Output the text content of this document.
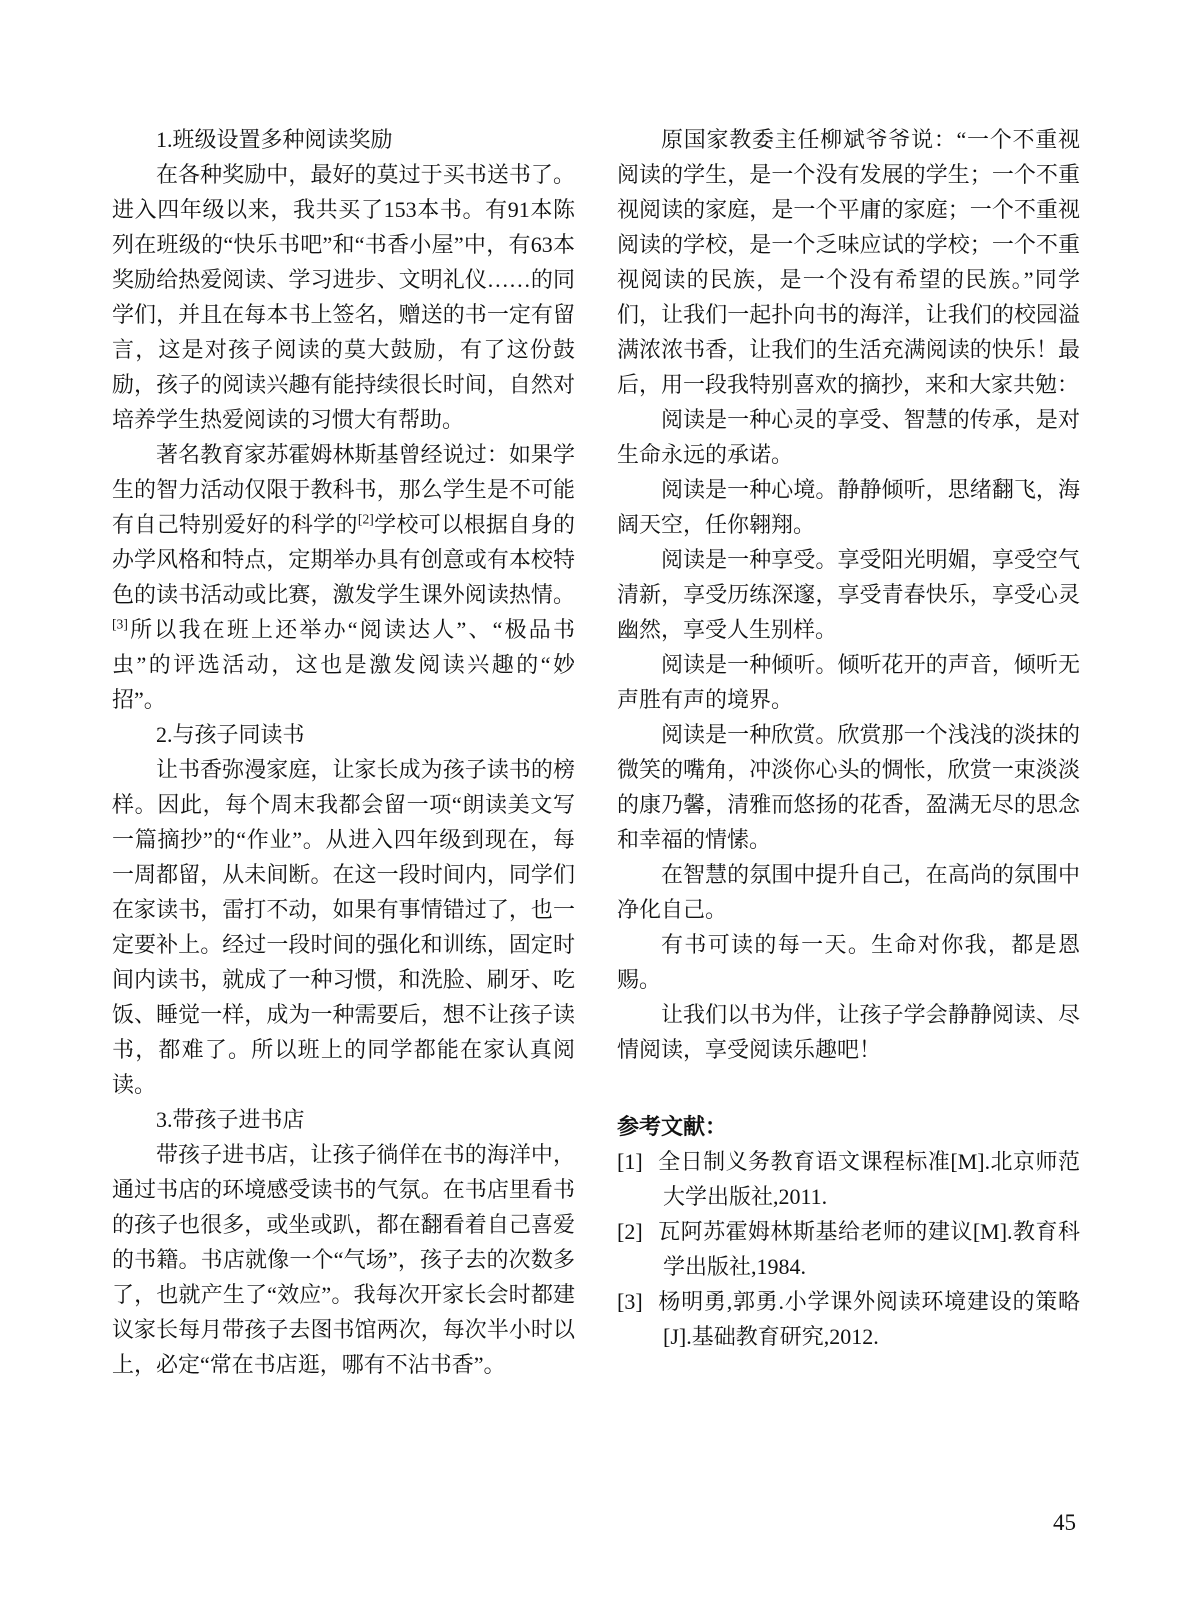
1.班级设置多种阅读奖励

在各种奖励中，最好的莫过于买书送书了。进入四年级以来，我共买了153本书。有91本陈列在班级的“快乐书吧”和“书香小屋”中，有63本奖励给热爱阅读、学习进步、文明礼仪……的同学们，并且在每本书上签名，赠送的书一定有留言，这是对孩子阅读的莫大鼓励，有了这份鼓励，孩子的阅读兴趣有能持续很长时间，自然对培养学生热爱阅读的习惯大有帮助。

著名教育家苏霍姆林斯基曾经说过：如果学生的智力活动仅限于教科书，那么学生是不可能有自己特别爱好的科学的[2]学校可以根据自身的办学风格和特点，定期举办具有创意或有本校特色的读书活动或比赛，激发学生课外阅读热情。[3]所以我在班上还举办“阅读达人”、“极品书虫”的评选活动，这也是激发阅读兴趣的“妙招”。

2.与孩子同读书

让书香弥漫家庭，让家长成为孩子读书的榜样。因此，每个周末我都会留一项“朗读美文写一篇摘抄”的“作业”。从进入四年级到现在，每一周都留，从未间断。在这一段时间内，同学们在家读书，雷打不动，如果有事情错过了，也一定要补上。经过一段时间的强化和训练，固定时间内读书，就成了一种习惯，和洗脸、刷牙、吃饭、睡觉一样，成为一种需要后，想不让孩子读书，都难了。所以班上的同学都能在家认真阅读。

3.带孩子进书店

带孩子进书店，让孩子徜佯在书的海洋中，通过书店的环境感受读书的气氛。在书店里看书的孩子也很多，或坐或趴，都在翻看着自己喜爱的书籍。书店就像一个“气场”，孩子去的次数多了，也就产生了“效应”。我每次开家长会时都建议家长每月带孩子去图书馆两次，每次半小时以上，必定“常在书店逛，哪有不沾书香”。

原国家教委主任柳斌爷爷说：“一个不重视阅读的学生，是一个没有发展的学生；一个不重视阅读的家庭，是一个平庸的家庭；一个不重视阅读的学校，是一个乏味应试的学校；一个不重视阅读的民族，是一个没有希望的民族。”同学们，让我们一起扑向书的海洋，让我们的校园溢满浓浓书香，让我们的生活充满阅读的快乐！最后，用一段我特别喜欢的摘抄，来和大家共勉：

阅读是一种心灵的享受、智慧的传承，是对生命永远的承诺。

阅读是一种心境。静静倾听，思绪翻飞，海阔天空，任你翱翔。

阅读是一种享受。享受阳光明媚，享受空气清新，享受历练深邃，享受青春快乐，享受心灵幽然，享受人生别样。

阅读是一种倾听。倾听花开的声音，倾听无声胜有声的境界。

阅读是一种欣赏。欣赏那一个浅浅的淡抹的微笑的嘴角，冲淡你心头的惆怅，欣赏一束淡淡的康乃馨，清雅而悠扬的花香，盈满无尽的思念和幸福的情愫。

在智慧的氛围中提升自己，在高尚的氛围中净化自己。

有书可读的每一天。生命对你我，都是恩赐。

让我们以书为伴，让孩子学会静静阅读、尽情阅读，享受阅读乐趣吧！

参考文献：

[1] 全日制义务教育语文课程标准[M].北京师范大学出版社,2011.

[2] 瓦阿苏霍姆林斯基给老师的建议[M].教育科学出版社,1984.

[3] 杨明勇,郭勇.小学课外阅读环境建设的策略[J].基础教育研究,2012.

45
